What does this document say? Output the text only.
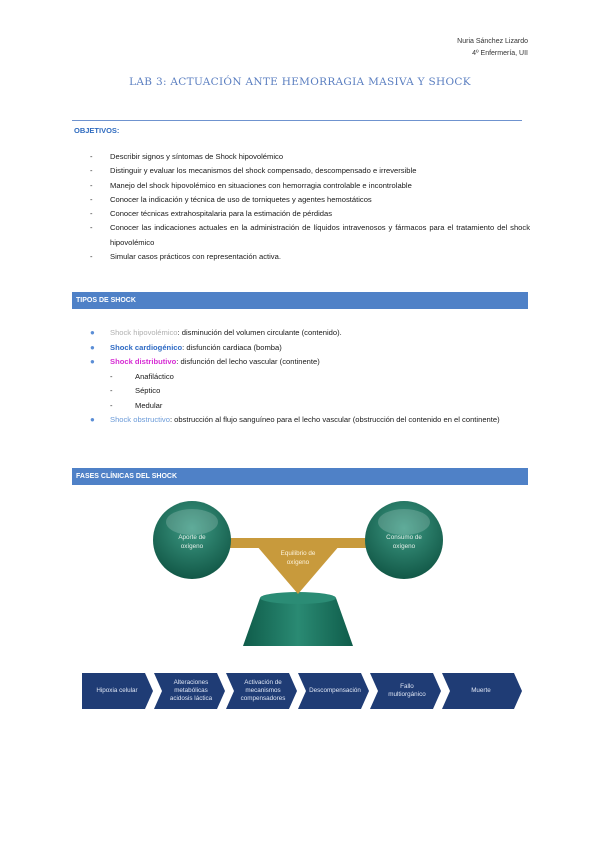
Nuria Sánchez Lizardo
4º Enfermería, UII
LAB 3: ACTUACIÓN ANTE HEMORRAGIA MASIVA Y SHOCK
OBJETIVOS:
- Describir signos y síntomas de Shock hipovolémico
- Distinguir y evaluar los mecanismos del shock compensado, descompensado e irreversible
- Manejo del shock hipovolémico en situaciones con hemorragia controlable e incontrolable
- Conocer la indicación y técnica de uso de torniquetes y agentes hemostáticos
- Conocer técnicas extrahospitalaria para la estimación de pérdidas
- Conocer las indicaciones actuales en la administración de líquidos intravenosos y fármacos para el tratamiento del shock hipovolémico
- Simular casos prácticos con representación activa.
TIPOS DE SHOCK
● Shock hipovolémico: disminución del volumen circulante (contenido).
● Shock cardiogénico: disfunción cardiaca (bomba)
● Shock distributivo: disfunción del lecho vascular (continente)
-	Anafiláctico
-	Séptico
-	Medular
● Shock obstructivo: obstrucción al flujo sanguíneo para el lecho vascular (obstrucción del contenido en el continente)
FASES CLÍNICAS DEL SHOCK
Aporte de
oxígeno
Consumo de
oxígeno
Equilibrio de
oxígeno
Hipoxia celular
Alteraciones
metabólicas
acidosis láctica
Activación de
mecanismos
compensadores
Descompensación
Fallo
multiorgánico
Muerte
